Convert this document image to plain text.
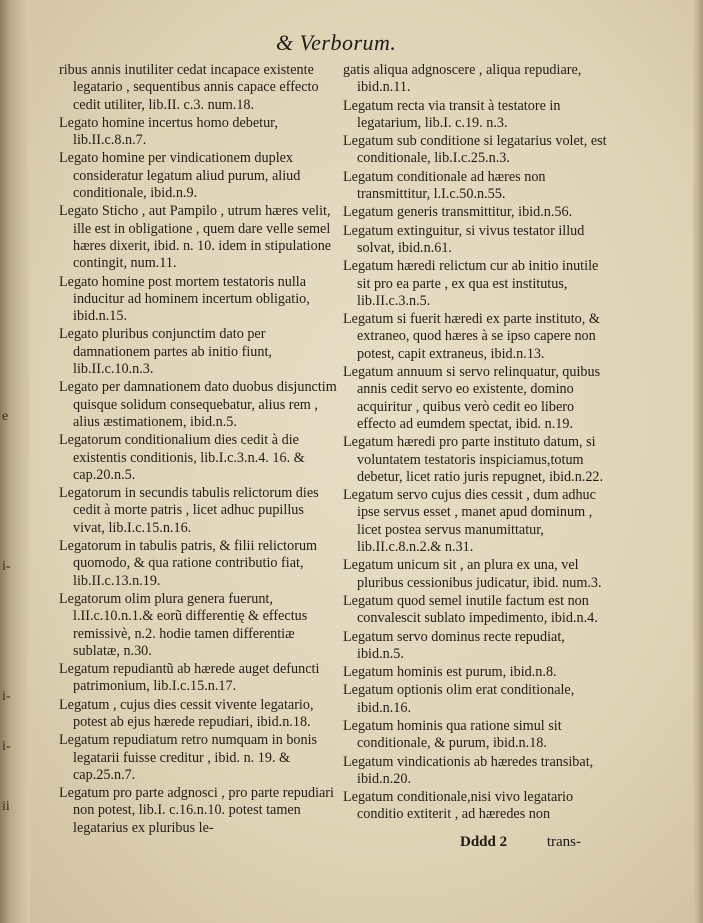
e
i-
i-
i-
ii
& Verborum.
ribus annis inutiliter cedat incapace existente legatario , sequentibus annis capace effecto cedit utiliter, lib.II. c.3. num.18.
Legato homine incertus homo debetur, lib.II.c.8.n.7.
Legato homine per vindicationem duplex consideratur legatum aliud purum, aliud conditionale, ibid.n.9.
Legato Sticho , aut Pampilo , utrum hæres velit, ille est in obligatione , quem dare velle semel hæres dixerit, ibid. n. 10. idem in stipulatione contingit, num.11.
Legato homine post mortem testatoris nulla inducitur ad hominem incertum obligatio, ibid.n.15.
Legato pluribus conjunctim dato per damnationem partes ab initio fiunt, lib.II.c.10.n.3.
Legato per damnationem dato duobus disjunctim quisque solidum consequebatur, alius rem , alius æstimationem, ibid.n.5.
Legatorum conditionalium dies cedit à die existentis conditionis, lib.I.c.3.n.4. 16. & cap.20.n.5.
Legatorum in secundis tabulis relictorum dies cedit à morte patris , licet adhuc pupillus vivat, lib.I.c.15.n.16.
Legatorum in tabulis patris, & filii relictorum quomodo, & qua ratione contributio fiat, lib.II.c.13.n.19.
Legatorum olim plura genera fuerunt, l.II.c.10.n.1.& eorũ differentię & effectus remissivè, n.2. hodie tamen differentiæ sublatæ, n.30.
Legatum repudiantũ ab hærede auget defuncti patrimonium, lib.I.c.15.n.17.
Legatum , cujus dies cessit vivente legatario, potest ab ejus hærede repudiari, ibid.n.18.
Legatum repudiatum retro numquam in bonis legatarii fuisse creditur , ibid. n. 19. & cap.25.n.7.
Legatum pro parte adgnosci , pro parte repudiari non potest, lib.I. c.16.n.10. potest tamen legatarius ex pluribus le-
gatis aliqua adgnoscere , aliqua repudiare, ibid.n.11.
Legatum recta via transit à testatore in legatarium, lib.I. c.19. n.3.
Legatum sub conditione si legatarius volet, est conditionale, lib.I.c.25.n.3.
Legatum conditionale ad hæres non transmittitur, l.I.c.50.n.55.
Legatum generis transmittitur, ibid.n.56.
Legatum extinguitur, si vivus testator illud solvat, ibid.n.61.
Legatum hæredi relictum cur ab initio inutile sit pro ea parte , ex qua est institutus, lib.II.c.3.n.5.
Legatum si fuerit hæredi ex parte instituto, & extraneo, quod hæres à se ipso capere non potest, capit extraneus, ibid.n.13.
Legatum annuum si servo relinquatur, quibus annis cedit servo eo existente, domino acquiritur , quibus verò cedit eo libero effecto ad eumdem spectat, ibid. n.19.
Legatum hæredi pro parte instituto datum, si voluntatem testatoris inspiciamus,totum debetur, licet ratio juris repugnet, ibid.n.22.
Legatum servo cujus dies cessit , dum adhuc ipse servus esset , manet apud dominum , licet postea servus manumittatur, lib.II.c.8.n.2.& n.31.
Legatum unicum sit , an plura ex una, vel pluribus cessionibus judicatur, ibid. num.3.
Legatum quod semel inutile factum est non convalescit sublato impedimento, ibid.n.4.
Legatum servo dominus recte repudiat, ibid.n.5.
Legatum hominis est purum, ibid.n.8.
Legatum optionis olim erat conditionale, ibid.n.16.
Legatum hominis qua ratione simul sit conditionale, & purum, ibid.n.18.
Legatum vindicationis ab hæredes transibat, ibid.n.20.
Legatum conditionale,nisi vivo legatario conditio extiterit , ad hæredes non
Dddd 2	trans-
